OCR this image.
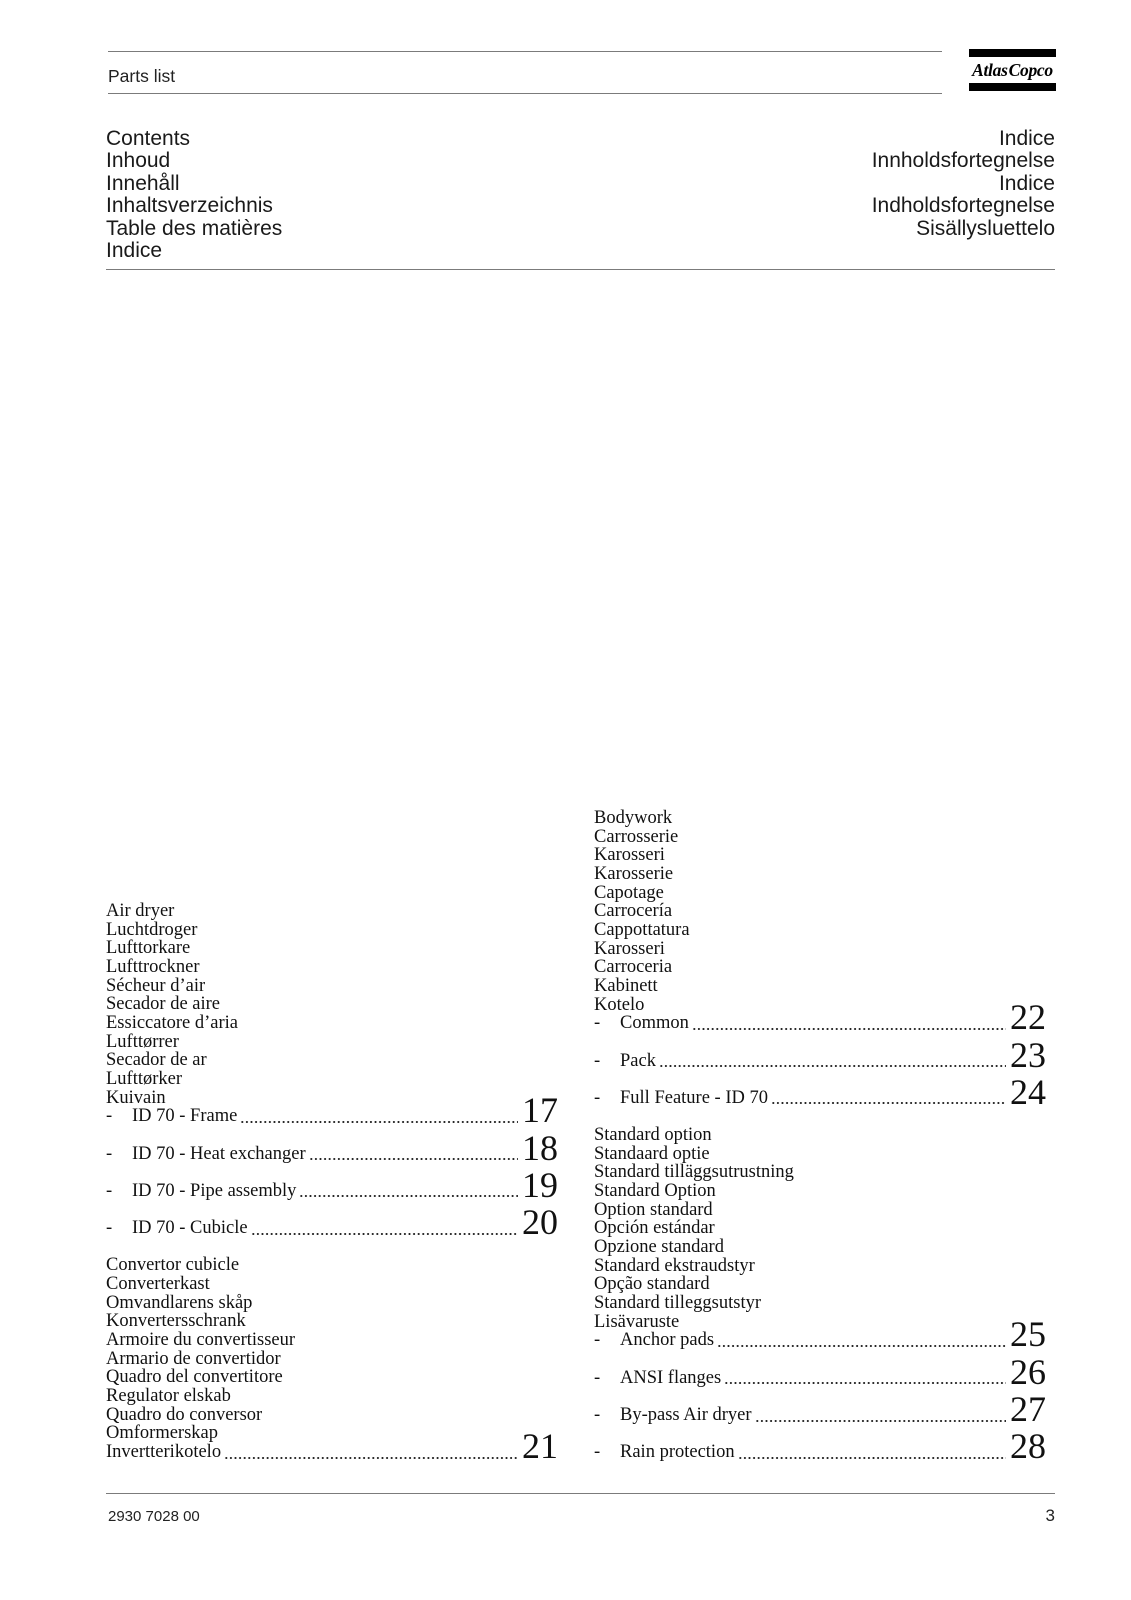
Parts list	Atlas Copco
Contents
Inhoud
Innehåll
Inhaltsverzeichnis
Table des matières
Indice
Indice
Innholdsfortegnelse
Indice
Indholdsfortegnelse
Sisällysluettelo
Air dryer
Luchtdroger
Lufttorkare
Lufttrockner
Sécheur d’air
Secador de aire
Essiccatore d’aria
Lufttørrer
Secador de ar
Lufttørker
Kuivain
-	ID 70 - Frame	17
-	ID 70 - Heat exchanger	18
-	ID 70 - Pipe assembly	19
-	ID 70 - Cubicle	20
Convertor cubicle
Converterkast
Omvandlarens skåp
Konvertersschrank
Armoire du convertisseur
Armario de convertidor
Quadro del convertitore
Regulator elskab
Quadro do conversor
Omformerskap
Invertterikotelo	21
Bodywork
Carrosserie
Karosseri
Karosserie
Capotage
Carrocería
Cappottatura
Karosseri
Carroceria
Kabinett
Kotelo
-	Common	22
-	Pack	23
-	Full Feature - ID 70	24
Standard option
Standaard optie
Standard tilläggsutrustning
Standard Option
Option standard
Opción estándar
Opzione standard
Standard ekstraudstyr
Opção standard
Standard tilleggsutstyr
Lisävaruste
-	Anchor pads	25
-	ANSI flanges	26
-	By-pass Air dryer	27
-	Rain protection	28
2930 7028 00	3
